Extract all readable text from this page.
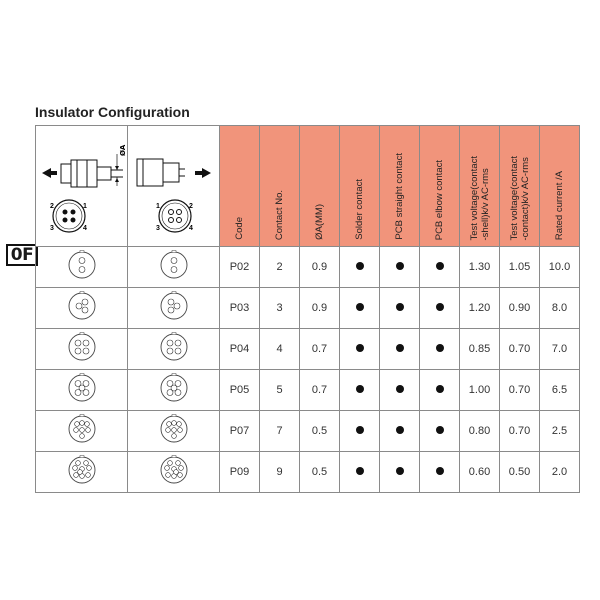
Insulator Configuration
0F
ØA
2 1
3 4	1 2
3 4	Code	Contact No.	ØA(MM)	Solder contact	PCB straight contact	PCB elbow contact	Test voltage(contact -shell)k/v AC-rms	Test voltage(contact -contact)k/v AC-rms	Rated current /A

		P02	2	0.9				1.30	1.05	10.0
		P03	3	0.9				1.20	0.90	8.0
		P04	4	0.7				0.85	0.70	7.0
		P05	5	0.7				1.00	0.70	6.5
		P07	7	0.5				0.80	0.70	2.5
		P09	9	0.5				0.60	0.50	2.0
